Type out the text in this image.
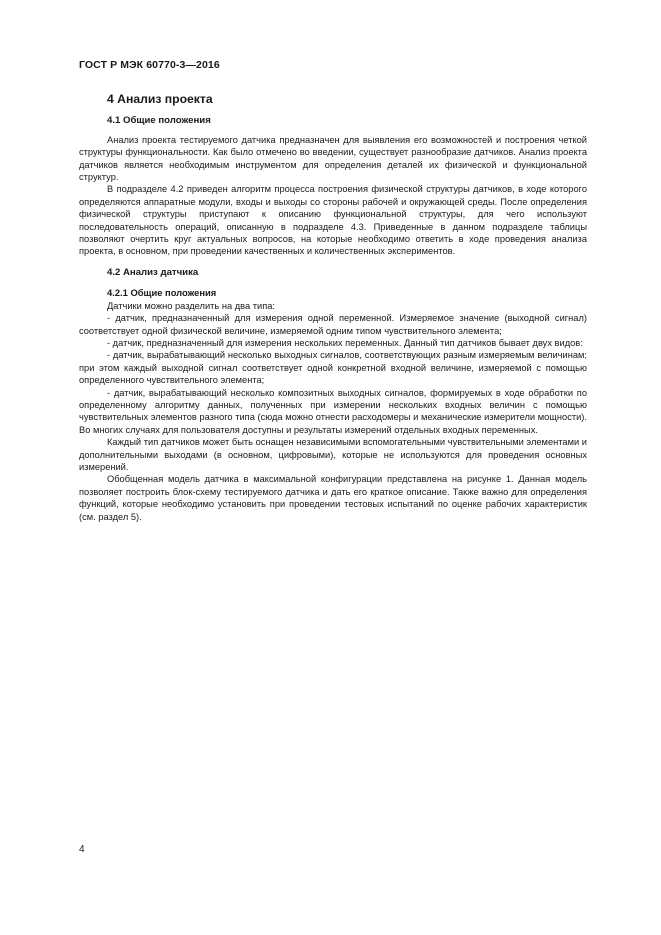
ГОСТ Р МЭК 60770-3—2016
4 Анализ проекта
4.1 Общие положения

Анализ проекта тестируемого датчика предназначен для выявления его возможностей и построения четкой структуры функциональности. Как было отмечено во введении, существует разнообразие датчиков. Анализ проекта датчиков является необходимым инструментом для определения деталей их физической и функциональной структур.

В подразделе 4.2 приведен алгоритм процесса построения физической структуры датчиков, в ходе которого определяются аппаратные модули, входы и выходы со стороны рабочей и окружающей среды. После определения физической структуры приступают к описанию функциональной структуры, для чего используют последовательность операций, описанную в подразделе 4.3. Приведенные в данном подразделе таблицы позволяют очертить круг актуальных вопросов, на которые необходимо ответить в ходе проведения анализа проекта, в основном, при проведении качественных и количественных экспериментов.

4.2 Анализ датчика
4.2.1 Общие положения

Датчики можно разделить на два типа:

- датчик, предназначенный для измерения одной переменной. Измеряемое значение (выходной сигнал) соответствует одной физической величине, измеряемой одним типом чувствительного элемента;

- датчик, предназначенный для измерения нескольких переменных. Данный тип датчиков бывает двух видов:

- датчик, вырабатывающий несколько выходных сигналов, соответствующих разным измеряемым величинам; при этом каждый выходной сигнал соответствует одной конкретной входной величине, измеряемой с помощью определенного чувствительного элемента;

- датчик, вырабатывающий несколько композитных выходных сигналов, формируемых в ходе обработки по определенному алгоритму данных, полученных при измерении нескольких входных величин с помощью чувствительных элементов разного типа (сюда можно отнести расходомеры и механические измерители мощности). Во многих случаях для пользователя доступны и результаты измерений отдельных входных переменных.

Каждый тип датчиков может быть оснащен независимыми вспомогательными чувствительными элементами и дополнительными выходами (в основном, цифровыми), которые не используются для проведения основных измерений.

Обобщенная модель датчика в максимальной конфигурации представлена на рисунке 1. Данная модель позволяет построить блок-схему тестируемого датчика и дать его краткое описание. Также важно для определения функций, которые необходимо установить при проведении тестовых испытаний по оценке рабочих характеристик (см. раздел 5).

4
